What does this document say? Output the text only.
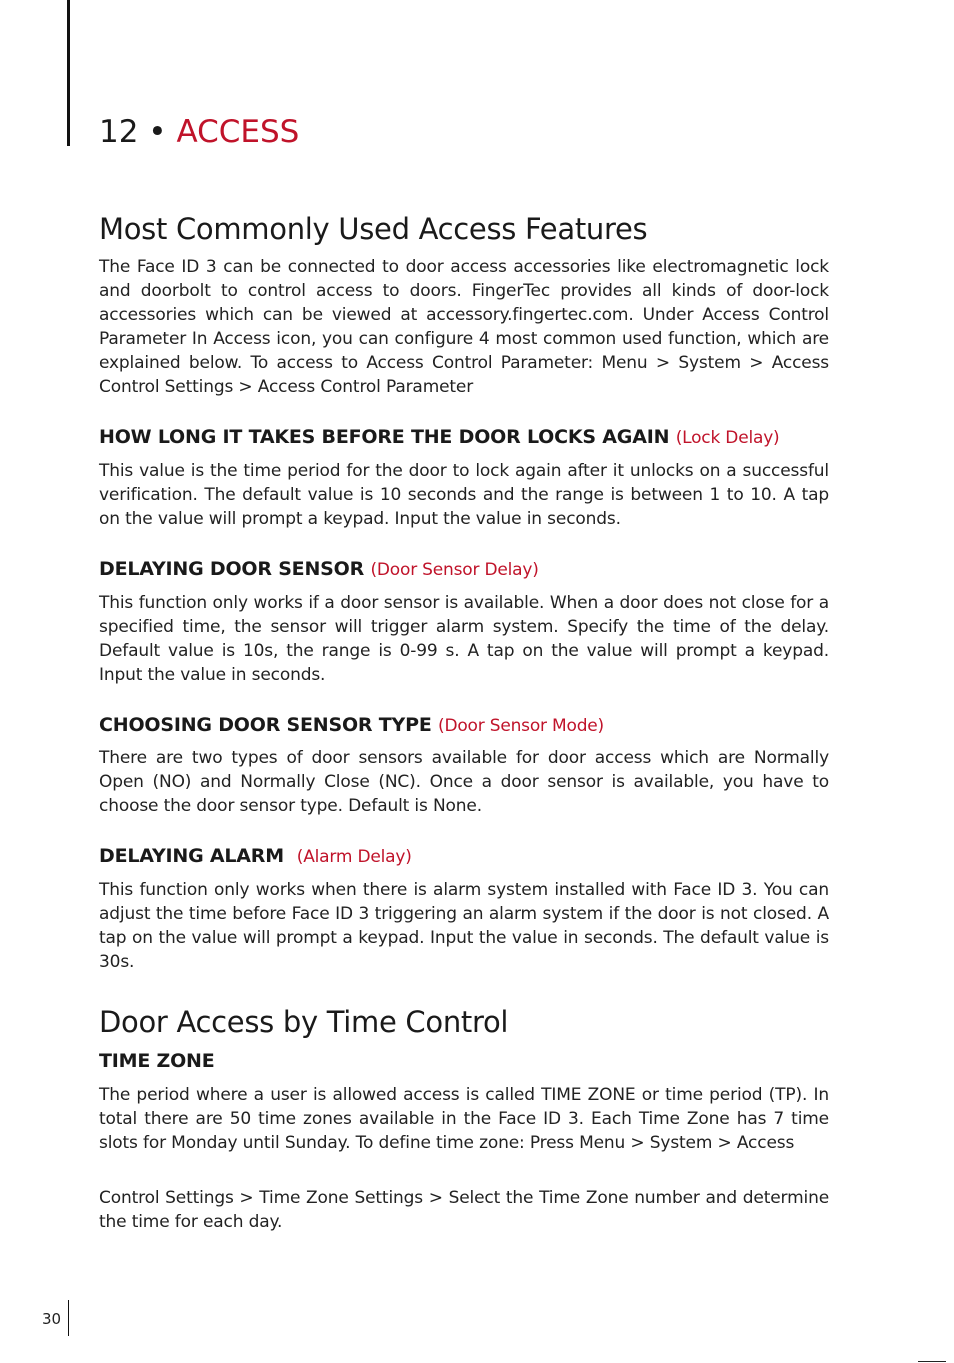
12 • ACCESS
Most Commonly Used Access Features

The Face ID 3 can be connected to door access accessories like electromagnetic lock and doorbolt to control access to doors. FingerTec provides all kinds of door-lock accessories which can be viewed at accessory.fingertec.com. Under Access Control Parameter In Access icon, you can configure 4 most common used function, which are explained below. To access to Access Control Parameter: Menu > System > Access Control Settings > Access Control Parameter

HOW LONG IT TAKES BEFORE THE DOOR LOCKS AGAIN (Lock Delay)

This value is the time period for the door to lock again after it unlocks on a successful verification. The default value is 10 seconds and the range is between 1 to 10. A tap on the value will prompt a keypad. Input the value in seconds.

DELAYING DOOR SENSOR (Door Sensor Delay)

This function only works if a door sensor is available. When a door does not close for a specified time, the sensor will trigger alarm system. Specify the time of the delay. Default value is 10s, the range is 0-99 s. A tap on the value will prompt a keypad. Input the value in seconds.

CHOOSING DOOR SENSOR TYPE (Door Sensor Mode)

There are two types of door sensors available for door access which are Normally Open (NO) and Normally Close (NC). Once a door sensor is available, you have to choose the door sensor type. Default is None.

DELAYING ALARM (Alarm Delay)

This function only works when there is alarm system installed with Face ID 3. You can adjust the time before Face ID 3 triggering an alarm system if the door is not closed. A tap on the value will prompt a keypad. Input the value in seconds. The default value is 30s.

Door Access by Time Control
TIME ZONE

The period where a user is allowed access is called TIME ZONE or time period (TP). In total there are 50 time zones available in the Face ID 3. Each Time Zone has 7 time slots for Monday until Sunday. To define time zone: Press Menu > System > Access

Control Settings > Time Zone Settings > Select the Time Zone number and determine the time for each day.

30
